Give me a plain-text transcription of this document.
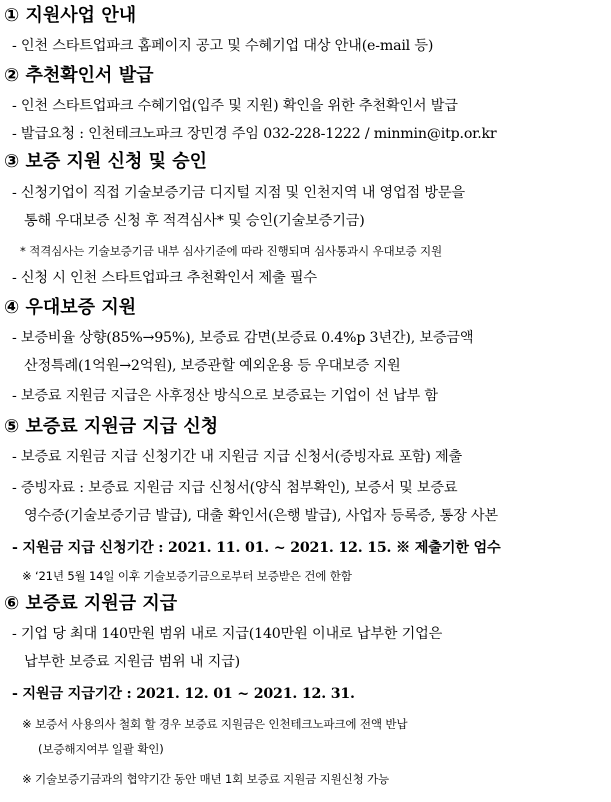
① 지원사업 안내
- 인천 스타트업파크 홈페이지 공고 및 수혜기업 대상 안내(e-mail 등)
② 추천확인서 발급
- 인천 스타트업파크 수혜기업(입주 및 지원) 확인을 위한 추천확인서 발급
- 발급요청 : 인천테크노파크 장민경 주임 032-228-1222 / minmin@itp.or.kr
③ 보증 지원 신청 및 승인
- 신청기업이 직접 기술보증기금 디지털 지점 및 인천지역 내 영업점 방문을
통해 우대보증 신청 후 적격심사* 및 승인(기술보증기금)
* 적격심사는 기술보증기금 내부 심사기준에 따라 진행되며 심사통과시 우대보증 지원
- 신청 시 인천 스타트업파크 추천확인서 제출 필수
④ 우대보증 지원
- 보증비율 상향(85%→95%), 보증료 감면(보증료 0.4%p 3년간), 보증금액
산정특례(1억원→2억원), 보증관할 예외운용 등 우대보증 지원
- 보증료 지원금 지급은 사후정산 방식으로 보증료는 기업이 선 납부 함
⑤ 보증료 지원금 지급 신청
- 보증료 지원금 지급 신청기간 내 지원금 지급 신청서(증빙자료 포함) 제출
- 증빙자료 : 보증료 지원금 지급 신청서(양식 첨부확인), 보증서 및 보증료
영수증(기술보증기금 발급), 대출 확인서(은행 발급), 사업자 등록증, 통장 사본
- 지원금 지급 신청기간 : 2021. 11. 01. ~ 2021. 12. 15. ※ 제출기한 엄수
※ ‘21년 5월 14일 이후 기술보증기금으로부터 보증받은 건에 한함
⑥ 보증료 지원금 지급
- 기업 당 최대 140만원 범위 내로 지급(140만원 이내로 납부한 기업은
납부한 보증료 지원금 범위 내 지급)
- 지원금 지급기간 : 2021. 12. 01 ~ 2021. 12. 31.
※ 보증서 사용의사 철회 할 경우 보증료 지원금은 인천테크노파크에 전액 반납
(보증해지여부 일괄 확인)
※ 기술보증기금과의 협약기간 동안 매년 1회 보증료 지원금 지원신청 가능
